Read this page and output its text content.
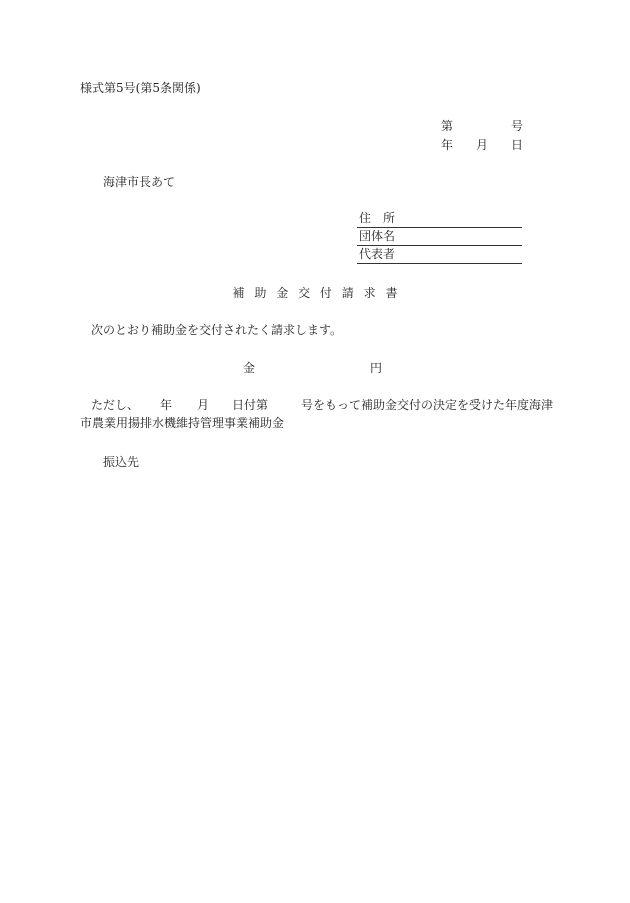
様式第5号(第5条関係)
第	号
年 月 日
海津市長あて
住　所
団体名
代表者
補 助 金 交 付 請 求 書
次のとおり補助金を交付されたく請求します。
金	円
ただし、 年 月 日付第	号をもって補助金交付の決定を受けた年度海津
市農業用揚排水機維持管理事業補助金
振込先
